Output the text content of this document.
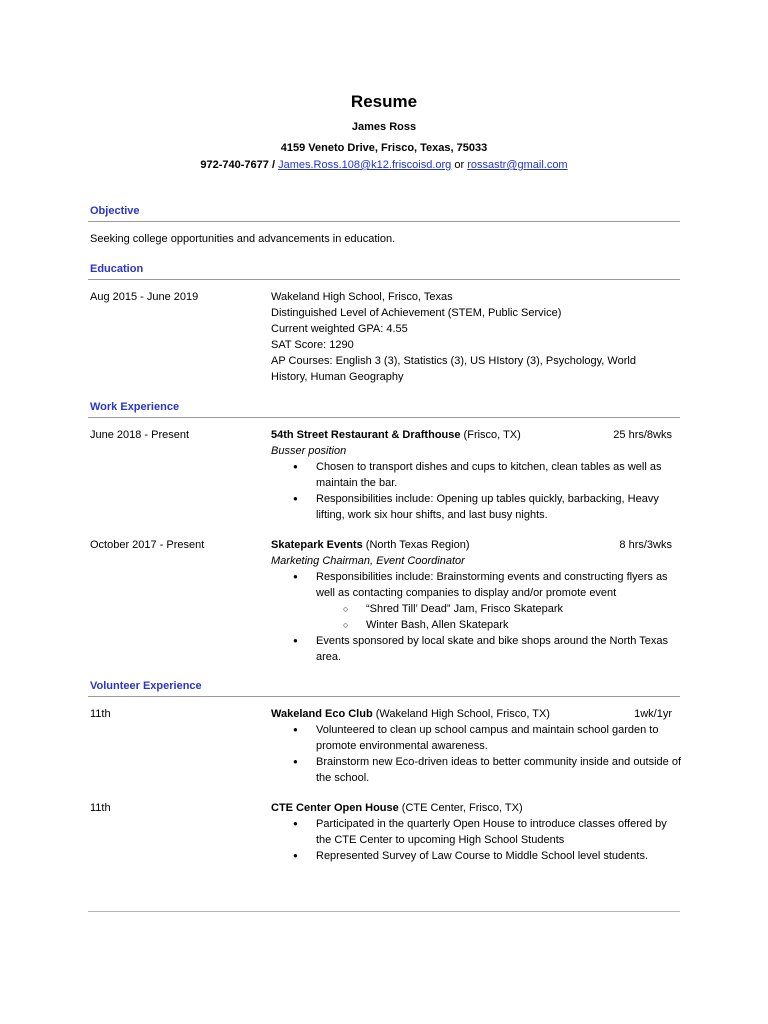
Resume
James Ross
4159 Veneto Drive, Frisco, Texas, 75033
972-740-7677 / James.Ross.108@k12.friscoisd.org or rossastr@gmail.com
Objective
Seeking college opportunities and advancements in education.
Education
Aug 2015 - June 2019	Wakeland High School, Frisco, Texas
Distinguished Level of Achievement (STEM, Public Service)
Current weighted GPA: 4.55
SAT Score: 1290
AP Courses: English 3 (3), Statistics (3), US HIstory (3), Psychology, World
History, Human Geography
Work Experience
June 2018 - Present	54th Street Restaurant & Drafthouse (Frisco, TX)	25 hrs/8wks
Busser position
● Chosen to transport dishes and cups to kitchen, clean tables as well as maintain the bar.
● Responsibilities include: Opening up tables quickly, barbacking, Heavy lifting, work six hour shifts, and last busy nights.
October 2017 - Present	Skatepark Events (North Texas Region)	8 hrs/3wks
Marketing Chairman, Event Coordinator
● Responsibilities include: Brainstorming events and constructing flyers as well as contacting companies to display and/or promote event
○ “Shred Till’ Dead” Jam, Frisco Skatepark
○ Winter Bash, Allen Skatepark
● Events sponsored by local skate and bike shops around the North Texas area.
Volunteer Experience
11th	Wakeland Eco Club (Wakeland High School, Frisco, TX)	1wk/1yr
● Volunteered to clean up school campus and maintain school garden to promote environmental awareness.
● Brainstorm new Eco-driven ideas to better community inside and outside of the school.
11th	CTE Center Open House (CTE Center, Frisco, TX)
● Participated in the quarterly Open House to introduce classes offered by the CTE Center to upcoming High School Students
● Represented Survey of Law Course to Middle School level students.
